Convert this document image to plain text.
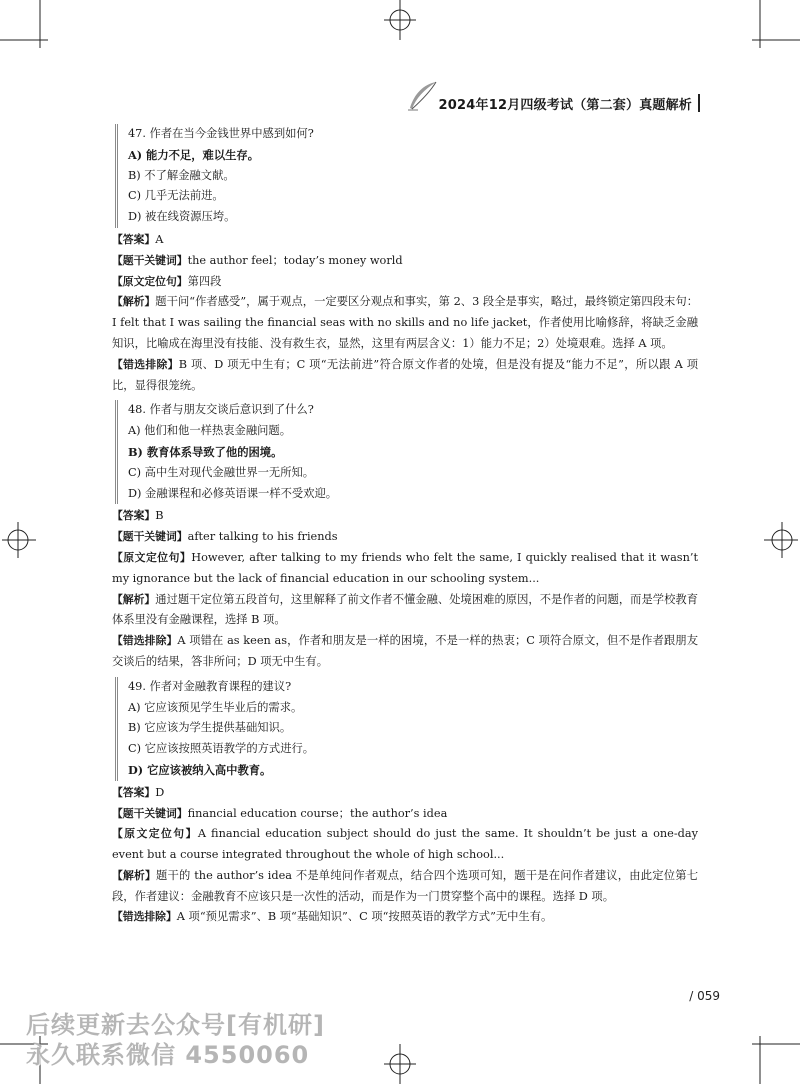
2024年12月四级考试（第二套）真题解析
47. 作者在当今金钱世界中感到如何?
A) 能力不足，难以生存。
B) 不了解金融文献。
C) 几乎无法前进。
D) 被在线资源压垮。
【答案】A
【题干关键词】the author feel；today’s money world
【原文定位句】第四段
【解析】题干问“作者感受”，属于观点，一定要区分观点和事实，第 2、3 段全是事实，略过，最终锁定第四段末句：I felt that I was sailing the financial seas with no skills and no life jacket，作者使用比喻修辞，将缺乏金融知识，比喻成在海里没有技能、没有救生衣，显然，这里有两层含义：1）能力不足；2）处境艰难。选择 A 项。
【错选排除】B 项、D 项无中生有；C 项“无法前进”符合原文作者的处境，但是没有提及“能力不足”，所以跟 A 项比，显得很笼统。
48. 作者与朋友交谈后意识到了什么?
A) 他们和他一样热衷金融问题。
B) 教育体系导致了他的困境。
C) 高中生对现代金融世界一无所知。
D) 金融课程和必修英语课一样不受欢迎。
【答案】B
【题干关键词】after talking to his friends
【原文定位句】However, after talking to my friends who felt the same, I quickly realised that it wasn’t my ignorance but the lack of financial education in our schooling system...
【解析】通过题干定位第五段首句，这里解释了前文作者不懂金融、处境困难的原因，不是作者的问题，而是学校教育体系里没有金融课程，选择 B 项。
【错选排除】A 项错在 as keen as，作者和朋友是一样的困境，不是一样的热衷；C 项符合原文，但不是作者跟朋友交谈后的结果，答非所问；D 项无中生有。
49. 作者对金融教育课程的建议?
A) 它应该预见学生毕业后的需求。
B) 它应该为学生提供基础知识。
C) 它应该按照英语教学的方式进行。
D) 它应该被纳入高中教育。
【答案】D
【题干关键词】financial education course；the author’s idea
【原文定位句】A financial education subject should do just the same. It shouldn’t be just a one-day event but a course integrated throughout the whole of high school...
【解析】题干的 the author’s idea 不是单纯问作者观点，结合四个选项可知，题干是在问作者建议，由此定位第七段，作者建议：金融教育不应该只是一次性的活动，而是作为一门贯穿整个高中的课程。选择 D 项。
【错选排除】A 项“预见需求”、B 项“基础知识”、C 项“按照英语的教学方式”无中生有。
/ 059
后续更新去公众号[有机研]
永久联系微信 4550060
